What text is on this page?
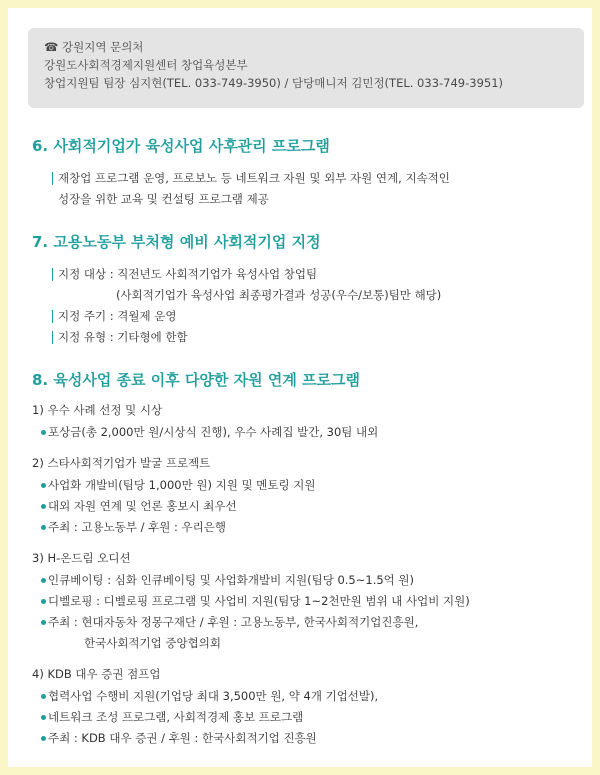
☎ 강원지역 문의처
강원도사회적경제지원센터 창업육성본부
창업지원팀 팀장 심지현(TEL. 033-749-3950) / 담당매니저 김민정(TEL. 033-749-3951)
6. 사회적기업가 육성사업 사후관리 프로그램
재창업 프로그램 운영, 프로보노 등 네트워크 자원 및 외부 자원 연계, 지속적인
성장을 위한 교육 및 컨설팅 프로그램 제공
7. 고용노동부 부처형 예비 사회적기업 지정
지정 대상 : 직전년도 사회적기업가 육성사업 창업팀
(사회적기업가 육성사업 최종평가결과 성공(우수/보통)팀만 해당)
지정 주기 : 격월제 운영
지정 유형 : 기타형에 한함
8. 육성사업 종료 이후 다양한 자원 연계 프로그램
1) 우수 사례 선정 및 시상
포상금(총 2,000만 원/시상식 진행), 우수 사례집 발간, 30팀 내외
2) 스타사회적기업가 발굴 프로젝트
사업화 개발비(팀당 1,000만 원) 지원 및 멘토링 지원
대외 자원 연계 및 언론 홍보시 최우선
주최 : 고용노동부 / 후원 : 우리은행
3) H-온드림 오디션
인큐베이팅 : 심화 인큐베이팅 및 사업화개발비 지원(팀당 0.5~1.5억 원)
디벨로핑 : 디벨로핑 프로그램 및 사업비 지원(팀당 1~2천만원 범위 내 사업비 지원)
주최 : 현대자동차 정몽구재단 / 후원 : 고용노동부, 한국사회적기업진흥원,
한국사회적기업 중앙협의회
4) KDB 대우 증권 점프업
협력사업 수행비 지원(기업당 최대 3,500만 원, 약 4개 기업선발),
네트워크 조성 프로그램, 사회적경제 홍보 프로그램
주최 : KDB 대우 증권 / 후원 : 한국사회적기업 진흥원
